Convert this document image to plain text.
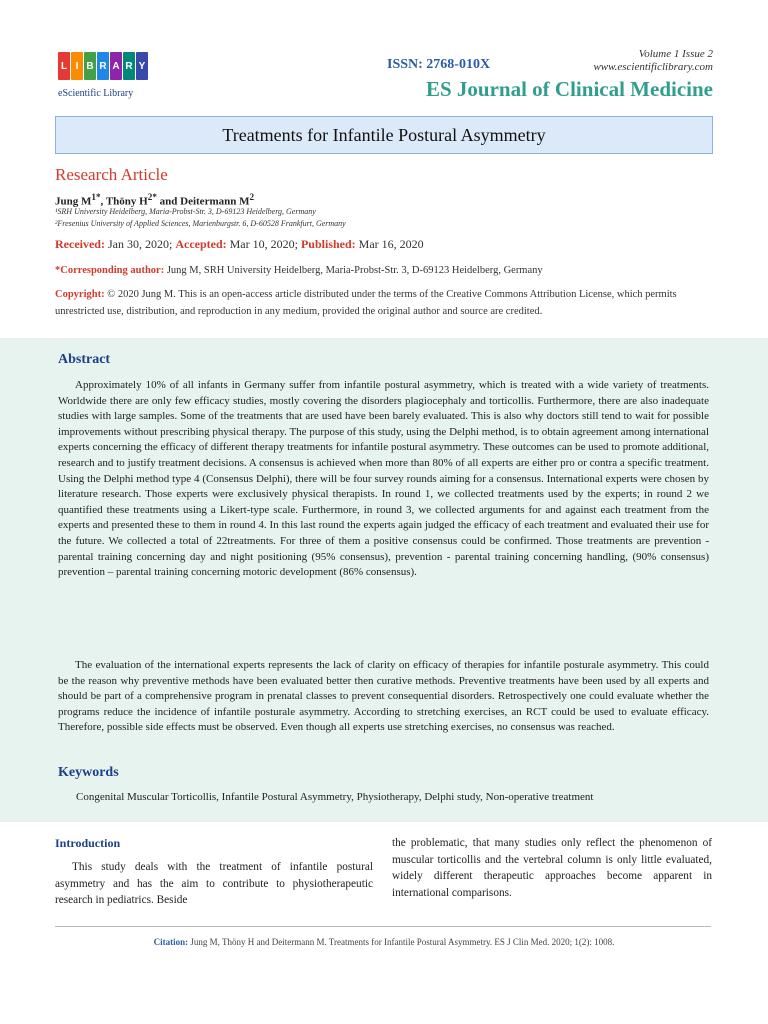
L I B R A R Y
eScientific Library
ISSN: 2768-010X
Volume 1 Issue 2
www.escientificlibrary.com
ES Journal of Clinical Medicine
Treatments for Infantile Postural Asymmetry
Research Article
Jung $M^{1*}$, Thöny $H^{2*}$ and Deitermann $M^2$
¹SRH University Heidelberg, Maria-Probst-Str. 3, D-69123 Heidelberg, Germany
²Fresenius University of Applied Sciences, Marienburgstr. 6, D-60528 Frankfurt, Germany
Received: Jan 30, 2020; Accepted: Mar 10, 2020; Published: Mar 16, 2020
*Corresponding author: Jung M, SRH University Heidelberg, Maria-Probst-Str. 3, D-69123 Heidelberg, Germany
Copyright: © 2020 Jung M. This is an open-access article distributed under the terms of the Creative Commons Attribution License, which permits unrestricted use, distribution, and reproduction in any medium, provided the original author and source are credited.
Abstract

Approximately 10% of all infants in Germany suffer from infantile postural asymmetry, which is treated with a wide variety of treatments. Worldwide there are only few efficacy studies, mostly covering the disorders plagiocephaly and torticollis. Furthermore, there are also inadequate studies with large samples. Some of the treatments that are used have been barely evaluated. This is also why doctors still tend to wait for possible improvements without prescribing physical therapy. The purpose of this study, using the Delphi method, is to obtain agreement among international experts concerning the efficacy of different therapy treatments for infantile postural asymmetry. These outcomes can be used to promote additional, research and to justify treatment decisions. A consensus is achieved when more than 80% of all experts are either pro or contra a specific treatment. Using the Delphi method type 4 (Consensus Delphi), there will be four survey rounds aiming for a consensus. International experts were chosen by literature research. Those experts were exclusively physical therapists. In round 1, we collected treatments used by the experts; in round 2 we quantified these treatments using a Likert-type scale. Furthermore, in round 3, we collected arguments for and against each treatment from the experts and presented these to them in round 4. In this last round the experts again judged the efficacy of each treatment and evaluated their use for the future. We collected a total of 22treatments. For three of them a positive consensus could be confirmed. Those treatments are prevention - parental training concerning day and night positioning (95% consensus), prevention - parental training concerning handling, (90% consensus) prevention – parental training concerning motoric development (86% consensus).

The evaluation of the international experts represents the lack of clarity on efficacy of therapies for infantile posturale asymmetry. This could be the reason why preventive methods have been evaluated better then curative methods. Preventive treatments have been used by all experts and should be part of a comprehensive program in prenatal classes to prevent consequential disorders. Retrospectively one could evaluate whether the programs reduce the incidence of infantile posturale asymmetry. According to stretching exercises, an RCT could be used to evaluate efficacy. Therefore, possible side effects must be observed. Even though all experts use stretching exercises, no consensus was reached.

Keywords
Congenital Muscular Torticollis, Infantile Postural Asymmetry, Physiotherapy, Delphi study, Non-operative treatment
Introduction

This study deals with the treatment of infantile postural asymmetry and has the aim to contribute to physiotherapeutic research in pediatrics. Beside

the problematic, that many studies only reflect the phenomenon of muscular torticollis and the vertebral column is only little evaluated, widely different therapeutic approaches become apparent in international comparisons.

Citation: Jung M, Thöny H and Deitermann M. Treatments for Infantile Postural Asymmetry. ES J Clin Med. 2020; 1(2): 1008.
